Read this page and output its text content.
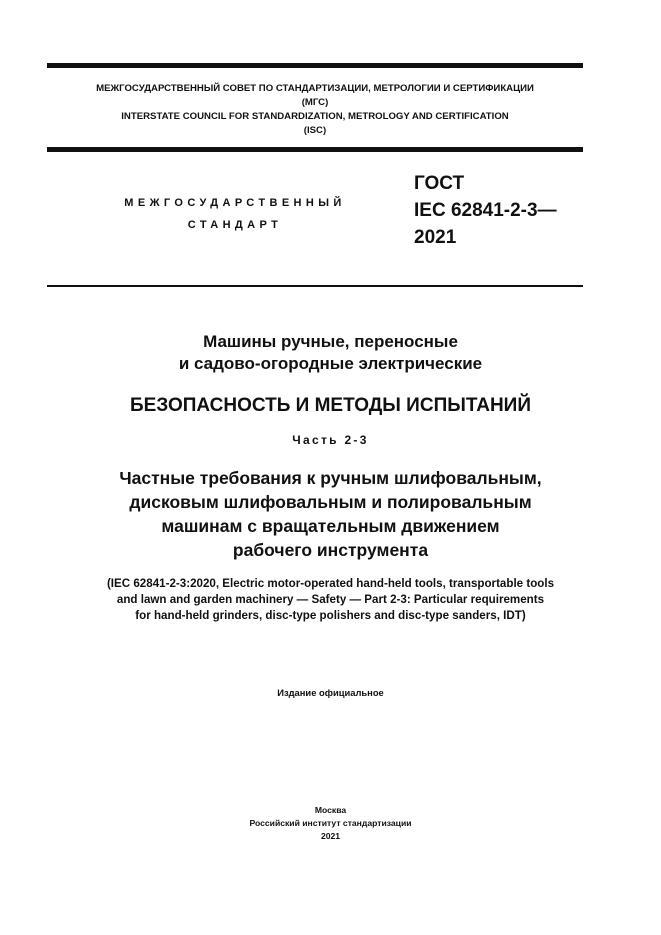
МЕЖГОСУДАРСТВЕННЫЙ СОВЕТ ПО СТАНДАРТИЗАЦИИ, МЕТРОЛОГИИ И СЕРТИФИКАЦИИ
(МГС)
INTERSTATE COUNCIL FOR STANDARDIZATION, METROLOGY AND CERTIFICATION
(ISC)
МЕЖГОСУДАРСТВЕННЫЙ
СТАНДАРТ
ГОСТ
IEC 62841-2-3—
2021
Машины ручные, переносные
и садово-огородные электрические
БЕЗОПАСНОСТЬ И МЕТОДЫ ИСПЫТАНИЙ
Часть 2-3
Частные требования к ручным шлифовальным,
дисковым шлифовальным и полировальным
машинам с вращательным движением
рабочего инструмента
(IEC 62841-2-3:2020, Electric motor-operated hand-held tools, transportable tools
and lawn and garden machinery — Safety — Part 2-3: Particular requirements
for hand-held grinders, disc-type polishers and disc-type sanders, IDT)
Издание официальное
Москва
Российский институт стандартизации
2021
